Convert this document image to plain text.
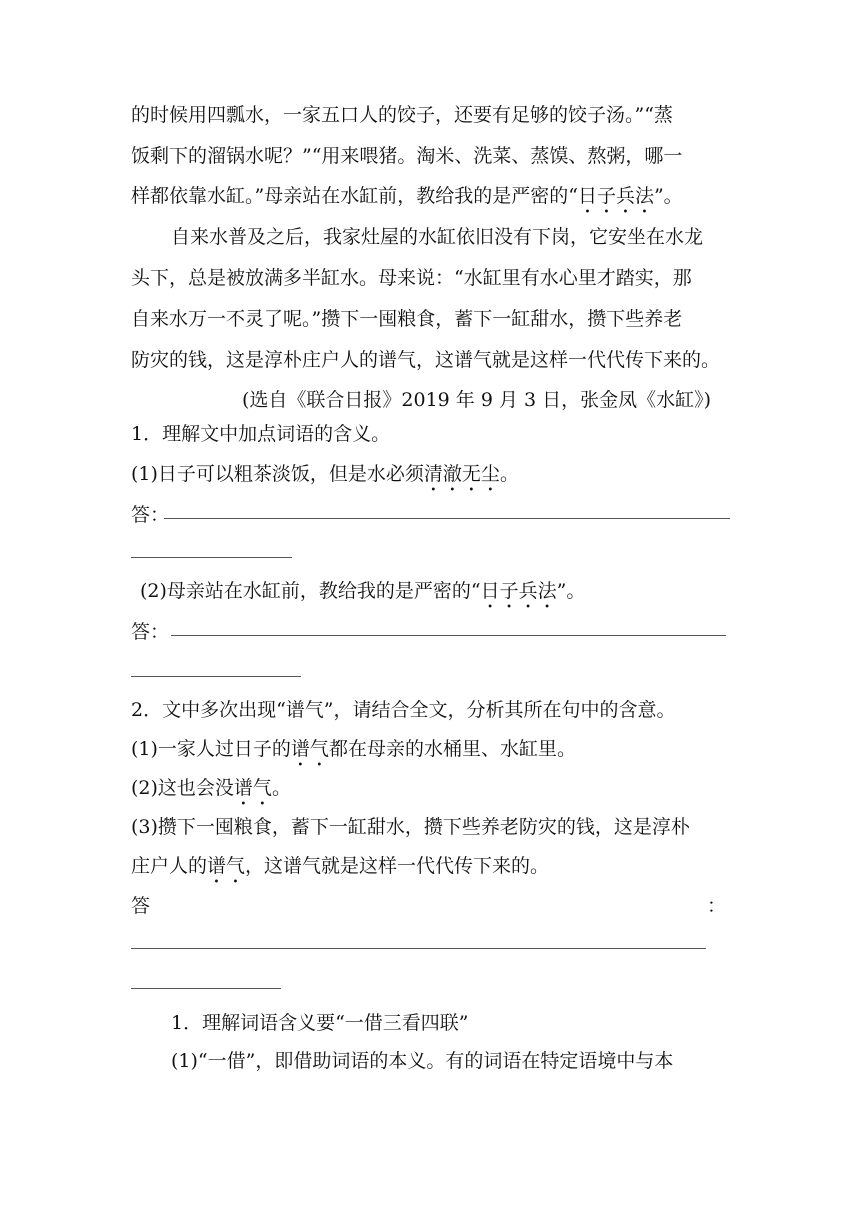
的时候用四瓢水，一家五口人的饺子，还要有足够的饺子汤。”“蒸
饭剩下的溜锅水呢？”“用来喂猪。淘米、洗菜、蒸馍、熬粥，哪一
样都依靠水缸。”母亲站在水缸前，教给我的是严密的“日子兵法”。
自来水普及之后，我家灶屋的水缸依旧没有下岗，它安坐在水龙
头下，总是被放满多半缸水。母来说：“水缸里有水心里才踏实，那
自来水万一不灵了呢。”攒下一囤粮食，蓄下一缸甜水，攒下些养老
防灾的钱，这是淳朴庄户人的谱气，这谱气就是这样一代代传下来的。
(选自《联合日报》2019 年 9 月 3 日，张金凤《水缸》)
1．理解文中加点词语的含义。
(1)日子可以粗茶淡饭，但是水必须清澈无尘。
答：
(2)母亲站在水缸前，教给我的是严密的“日子兵法”。
答：
2．文中多次出现“谱气”，请结合全文，分析其所在句中的含意。
(1)一家人过日子的谱气都在母亲的水桶里、水缸里。
(2)这也会没谱气。
(3)攒下一囤粮食，蓄下一缸甜水，攒下些养老防灾的钱，这是淳朴
庄户人的谱气，这谱气就是这样一代代传下来的。
答	：
1．理解词语含义要“一借三看四联”
(1)“一借”，即借助词语的本义。有的词语在特定语境中与本
